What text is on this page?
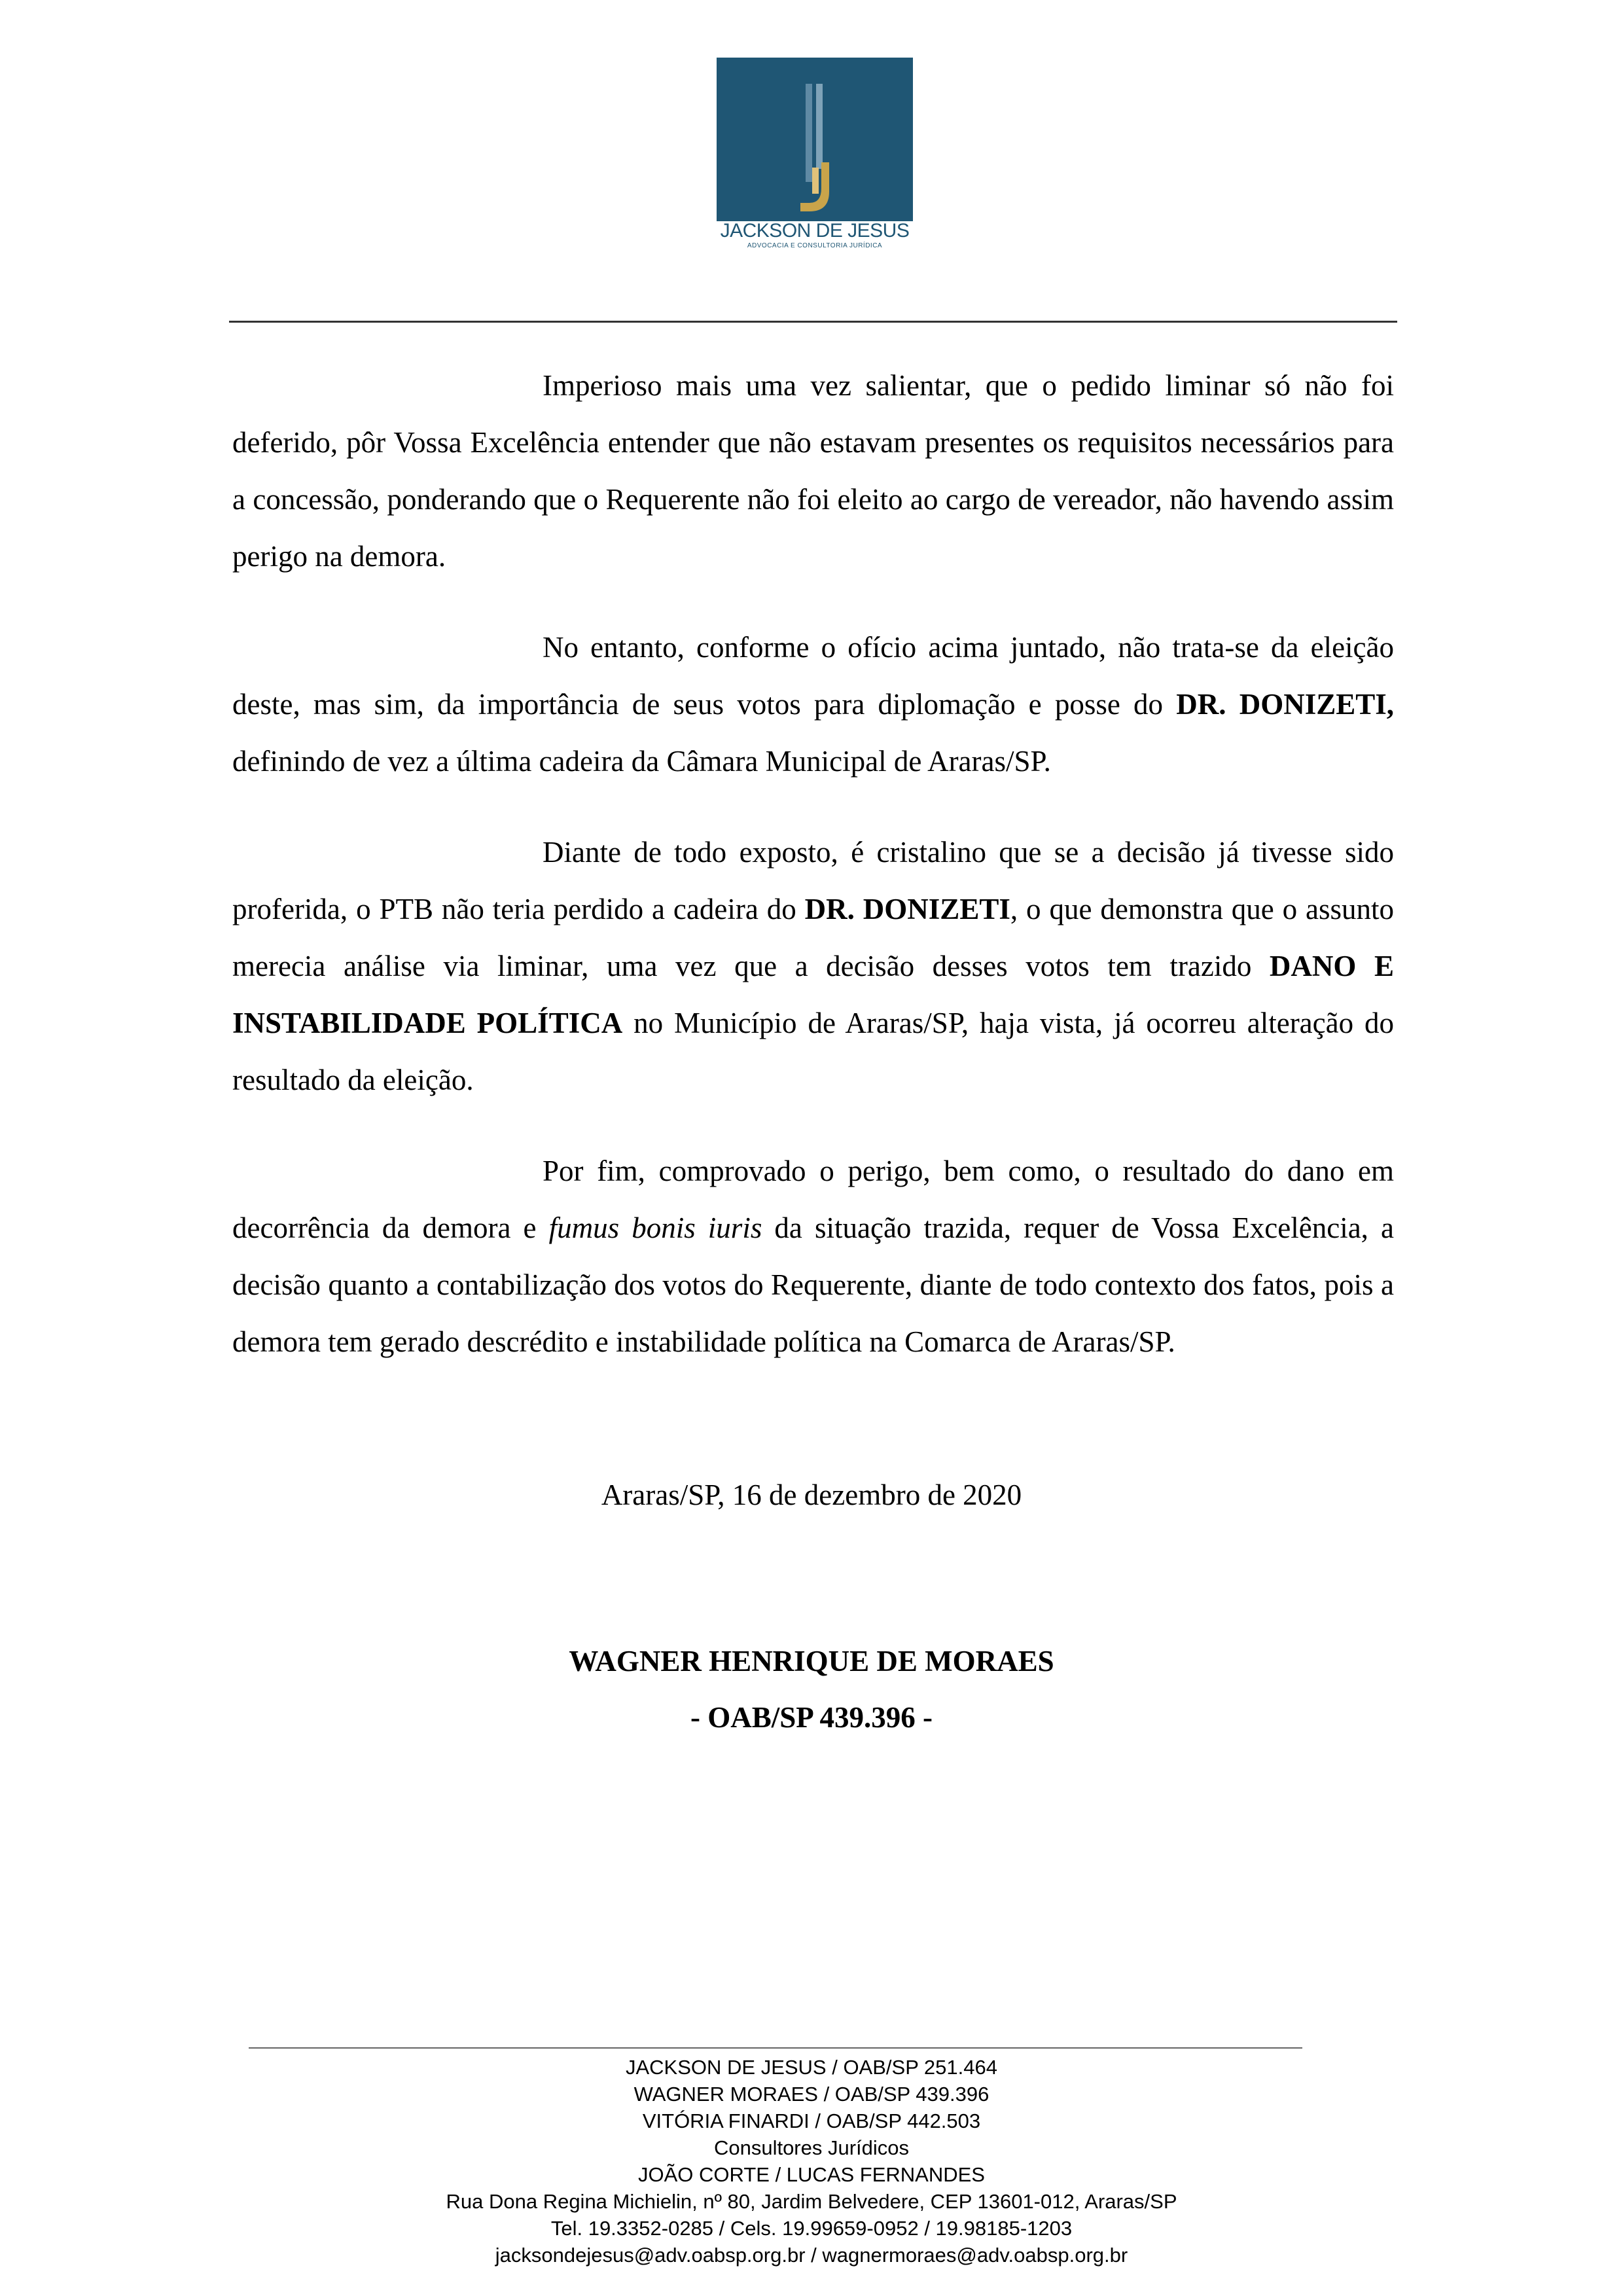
JACKSON DE JESUS
ADVOCACIA E CONSULTORIA JURÍDICA

Imperioso mais uma vez salientar, que o pedido liminar só não foi deferido, pôr Vossa Excelência entender que não estavam presentes os requisitos necessários para a concessão, ponderando que o Requerente não foi eleito ao cargo de vereador, não havendo assim perigo na demora.

No entanto, conforme o ofício acima juntado, não trata-se da eleição deste, mas sim, da importância de seus votos para diplomação e posse do DR. DONIZETI, definindo de vez a última cadeira da Câmara Municipal de Araras/SP.

Diante de todo exposto, é cristalino que se a decisão já tivesse sido proferida, o PTB não teria perdido a cadeira do DR. DONIZETI, o que demonstra que o assunto merecia análise via liminar, uma vez que a decisão desses votos tem trazido DANO E INSTABILIDADE POLÍTICA no Município de Araras/SP, haja vista, já ocorreu alteração do resultado da eleição.

Por fim, comprovado o perigo, bem como, o resultado do dano em decorrência da demora e fumus bonis iuris da situação trazida, requer de Vossa Excelência, a decisão quanto a contabilização dos votos do Requerente, diante de todo contexto dos fatos, pois a demora tem gerado descrédito e instabilidade política na Comarca de Araras/SP.

Araras/SP, 16 de dezembro de 2020
WAGNER HENRIQUE DE MORAES
- OAB/SP 439.396 -
JACKSON DE JESUS / OAB/SP 251.464
WAGNER MORAES / OAB/SP 439.396
VITÓRIA FINARDI / OAB/SP 442.503
Consultores Jurídicos
JOÃO CORTE / LUCAS FERNANDES
Rua Dona Regina Michielin, nº 80, Jardim Belvedere, CEP 13601-012, Araras/SP
Tel. 19.3352-0285 / Cels. 19.99659-0952 / 19.98185-1203
jacksondejesus@adv.oabsp.org.br / wagnermoraes@adv.oabsp.org.br
